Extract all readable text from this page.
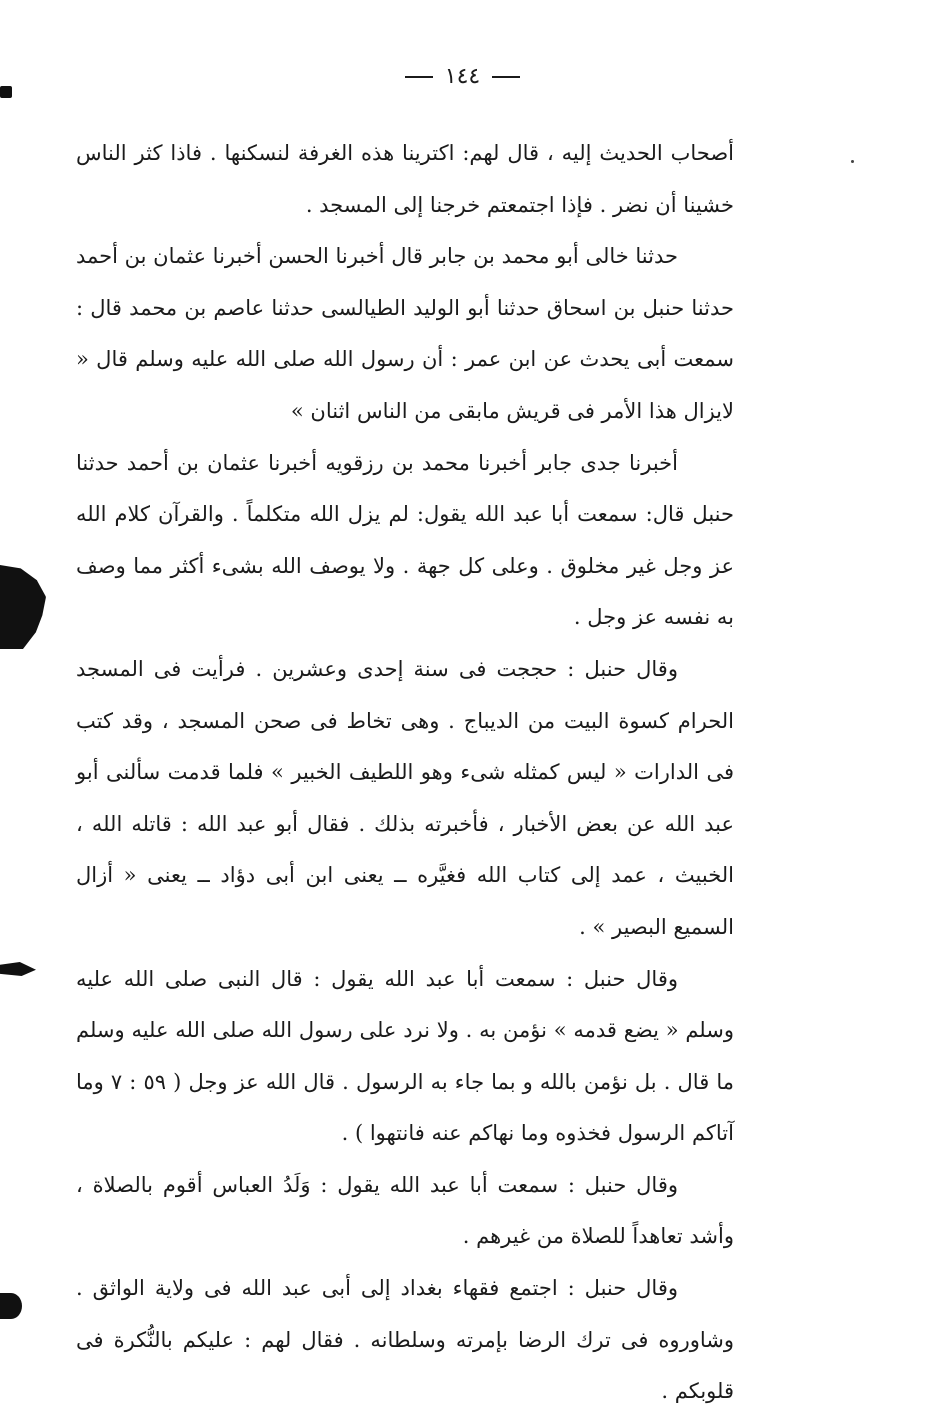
١٤٤

أصحاب الحديث إليه ، قال لهم: اكترينا هذه الغرفة لنسكنها . فاذا كثر الناس خشينا أن نضر . فإذا اجتمعتم خرجنا إلى المسجد .

حدثنا خالى أبو محمد بن جابر قال أخبرنا الحسن أخبرنا عثمان بن أحمد حدثنا حنبل بن اسحاق حدثنا أبو الوليد الطيالسى حدثنا عاصم بن محمد قال : سمعت أبى يحدث عن ابن عمر : أن رسول الله صلى الله عليه وسلم قال « لايزال هذا الأمر فى قريش مابقى من الناس اثنان »

أخبرنا جدى جابر أخبرنا محمد بن رزقويه أخبرنا عثمان بن أحمد حدثنا حنبل قال: سمعت أبا عبد الله يقول: لم يزل الله متكلماً . والقرآن كلام الله عز وجل غير مخلوق . وعلى كل جهة . ولا يوصف الله بشىء أكثر مما وصف به نفسه عز وجل .

وقال حنبل : حججت فى سنة إحدى وعشرين . فرأيت فى المسجد الحرام كسوة البيت من الديباج . وهى تخاط فى صحن المسجد ، وقد كتب فى الدارات « ليس كمثله شىء وهو اللطيف الخبير » فلما قدمت سألنى أبو عبد الله عن بعض الأخبار ، فأخبرته بذلك . فقال أبو عبد الله : قاتله الله ، الخبيث ، عمد إلى كتاب الله فغيَّره ــ يعنى ابن أبى دؤاد ــ يعنى « أزال السميع البصير » .

وقال حنبل : سمعت أبا عبد الله يقول : قال النبى صلى الله عليه وسلم « يضع قدمه » نؤمن به . ولا نرد على رسول الله صلى الله عليه وسلم ما قال . بل نؤمن بالله و بما جاء به الرسول . قال الله عز وجل ( ٥٩ : ٧ وما آتاكم الرسول فخذوه وما نهاكم عنه فانتهوا ) .

وقال حنبل : سمعت أبا عبد الله يقول : وَلَدُ العباس أقوم بالصلاة ، وأشد تعاهداً للصلاة من غيرهم .

وقال حنبل : اجتمع فقهاء بغداد إلى أبى عبد الله فى ولاية الواثق . وشاوروه فى ترك الرضا بإمرته وسلطانه . فقال لهم : عليكم بالنُّكرة فى قلوبكم .
